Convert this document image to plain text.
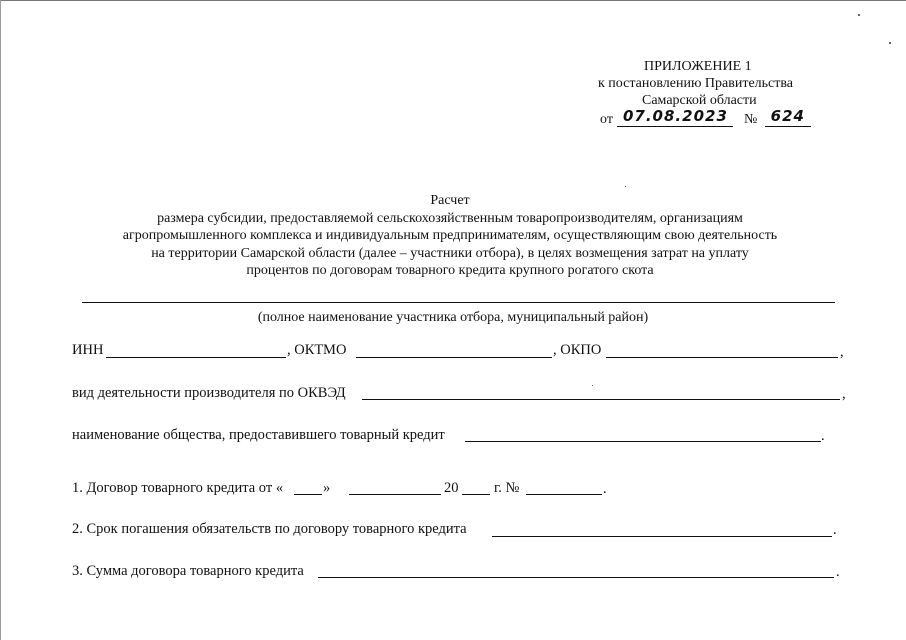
ПРИЛОЖЕНИЕ 1
к постановлению Правительства
Самарской области
от 07.08.2023 № 624
Расчет
размера субсидии, предоставляемой сельскохозяйственным товаропроизводителям, организациям
агропромышленного комплекса и индивидуальным предпринимателям, осуществляющим свою деятельность
на территории Самарской области (далее – участники отбора), в целях возмещения затрат на уплату
процентов по договорам товарного кредита крупного рогатого скота
(полное наименование участника отбора, муниципальный район)
ИНН	, ОКТМО	, ОКПО	,
вид деятельности производителя по ОКВЭД	,
наименование общества, предоставившего товарный кредит	.
1. Договор товарного кредита от «	»	20 г. №	.
2. Срок погашения обязательств по договору товарного кредита	.
3. Сумма договора товарного кредита	.
